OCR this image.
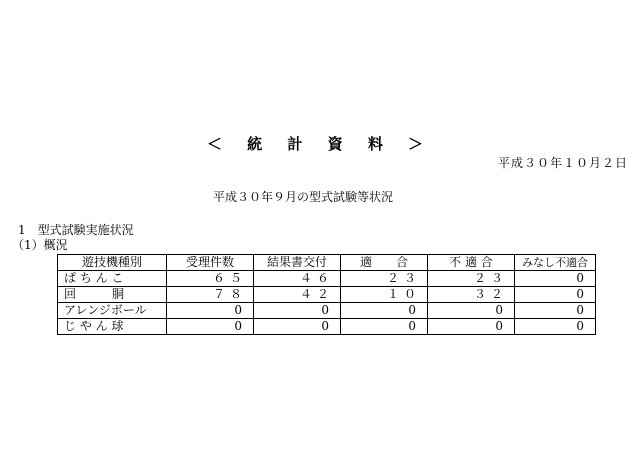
＜ 統 計 資 料 ＞

平成３０年１０月２日

平成３０年９月の型式試験等状況

1　型式試験実施状況

（1）概況

遊技機種別	受理件数	結果書交付	適　　合	不 適 合	みなし不適合
ぱ ち ん こ	６５	４６	２３	２３	0
回　　　胴	７８	４２	１０	３２	0
アレンジボール	0	0	0	0	0
じ や ん 球	0	0	0	0	0
